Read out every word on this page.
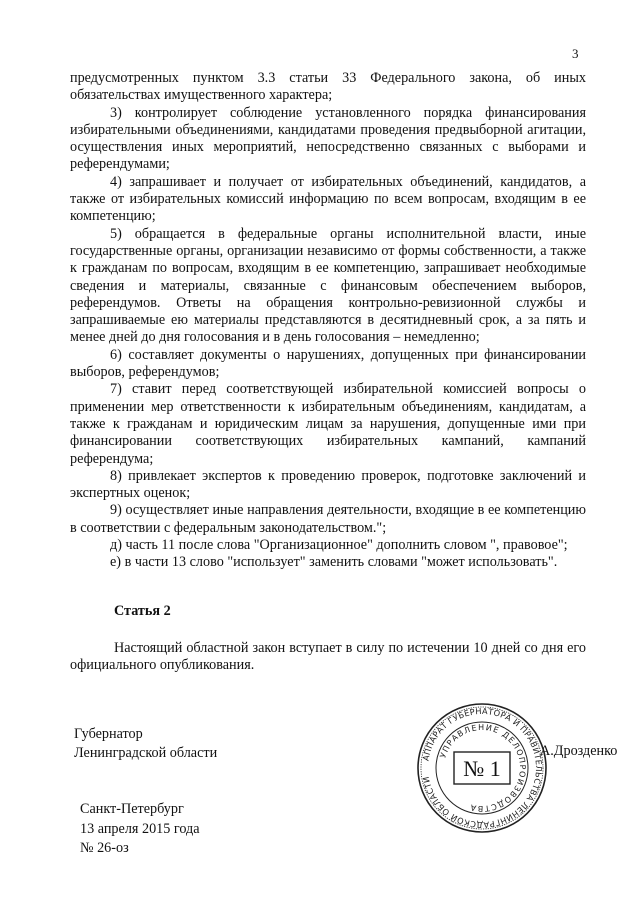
3

предусмотренных пунктом 3.3 статьи 33 Федерального закона, об иных обязательствах имущественного характера;

3) контролирует соблюдение установленного порядка финансирования избирательными объединениями, кандидатами проведения предвыборной агитации, осуществления иных мероприятий, непосредственно связанных с выборами и референдумами;

4) запрашивает и получает от избирательных объединений, кандидатов, а также от избирательных комиссий информацию по всем вопросам, входящим в ее компетенцию;

5) обращается в федеральные органы исполнительной власти, иные государственные органы, организации независимо от формы собственности, а также к гражданам по вопросам, входящим в ее компетенцию, запрашивает необходимые сведения и материалы, связанные с финансовым обеспечением выборов, референдумов. Ответы на обращения контрольно-ревизионной службы и запрашиваемые ею материалы представляются в десятидневный срок, а за пять и менее дней до дня голосования и в день голосования – немедленно;

6) составляет документы о нарушениях, допущенных при финансировании выборов, референдумов;

7) ставит перед соответствующей избирательной комиссией вопросы о применении мер ответственности к избирательным объединениям, кандидатам, а также к гражданам и юридическим лицам за нарушения, допущенные ими при финансировании соответствующих избирательных кампаний, кампаний референдума;

8) привлекает экспертов к проведению проверок, подготовке заключений и экспертных оценок;

9) осуществляет иные направления деятельности, входящие в ее компетенцию в соответствии с федеральным законодательством.";

д) часть 11 после слова "Организационное" дополнить словом ", правовое";

е) в части 13 слово "использует" заменить словами "может использовать".

Статья 2
Настоящий областной закон вступает в силу по истечении 10 дней со дня его официального опубликования.
Губернатор
Ленинградской области	А.Дрозденко
АППАРАТ ГУБЕРНАТОРА И ПРАВИТЕЛЬСТВА ЛЕНИНГРАДСКОЙ ОБЛАСТИ
УПРАВЛЕНИЕ ДЕЛОПРОИЗВОДСТВА
№ 1
Санкт-Петербург
13 апреля 2015 года
№ 26-оз
